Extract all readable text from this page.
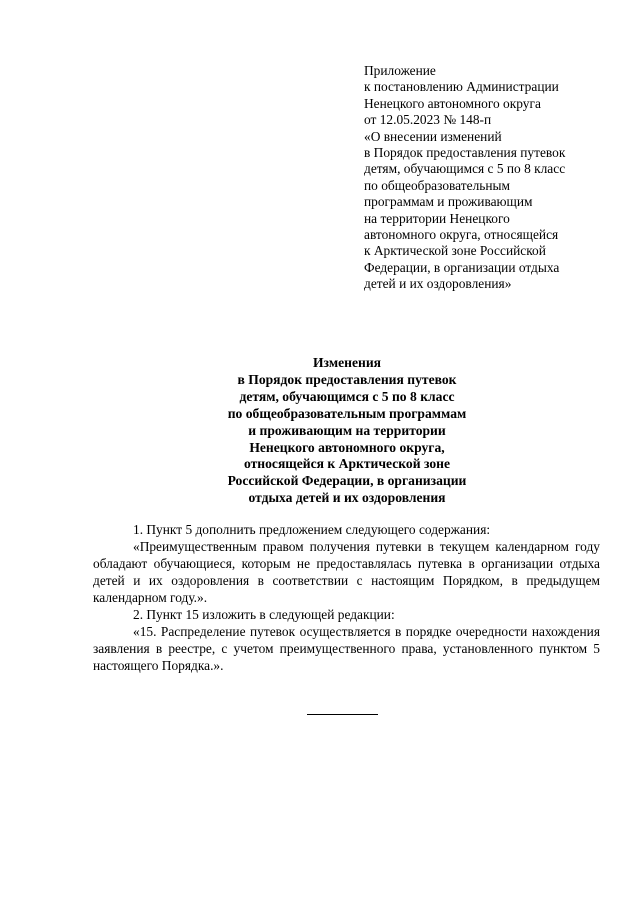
Приложение
к постановлению Администрации
Ненецкого автономного округа
от 12.05.2023 № 148-п
«О внесении изменений
в Порядок предоставления путевок
детям, обучающимся с 5 по 8 класс
по общеобразовательным
программам и проживающим
на территории Ненецкого
автономного округа, относящейся
к Арктической зоне Российской
Федерации, в организации отдыха
детей и их оздоровления»
Изменения
в Порядок предоставления путевок
детям, обучающимся с 5 по 8 класс
по общеобразовательным программам
и проживающим на территории
Ненецкого автономного округа,
относящейся к Арктической зоне
Российской Федерации, в организации
отдыха детей и их оздоровления

1. Пункт 5 дополнить предложением следующего содержания:

«Преимущественным правом получения путевки в текущем календарном году обладают обучающиеся, которым не предоставлялась путевка в организации отдыха детей и их оздоровления в соответствии с настоящим Порядком, в предыдущем календарном году.».

2. Пункт 15 изложить в следующей редакции:

«15. Распределение путевок осуществляется в порядке очередности нахождения заявления в реестре, с учетом преимущественного права, установленного пунктом 5 настоящего Порядка.».
